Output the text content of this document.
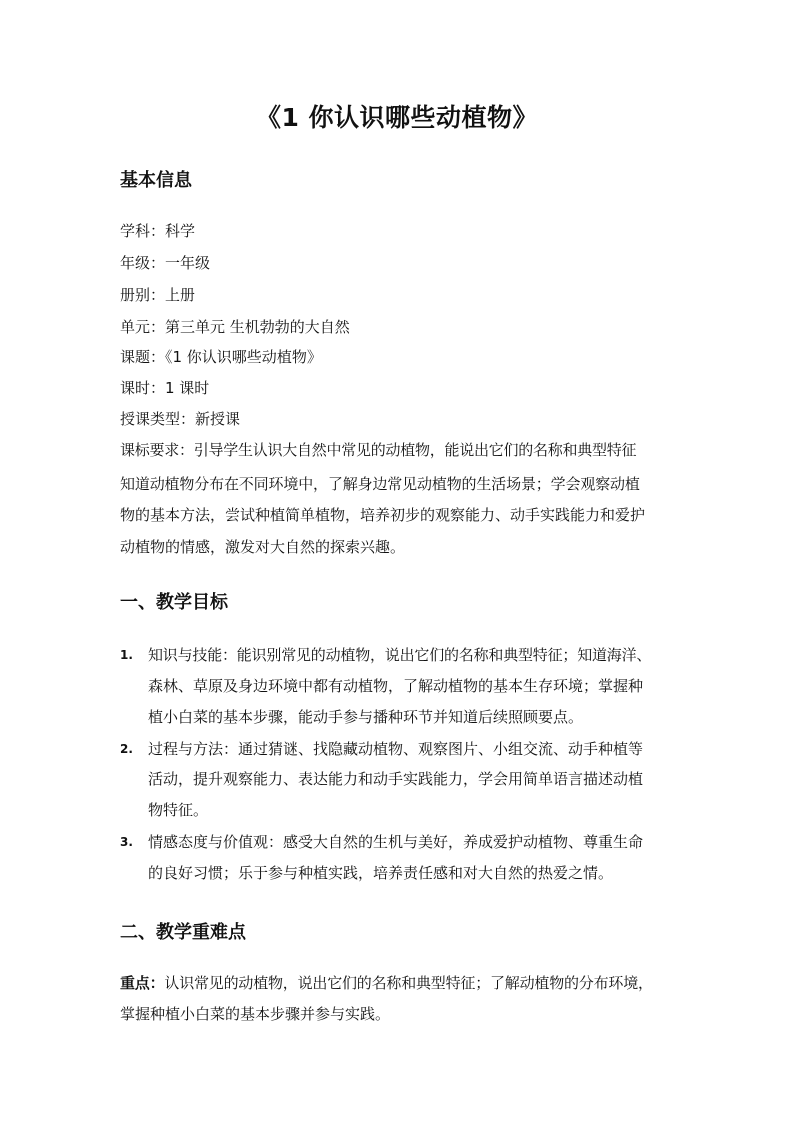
《1 你认识哪些动植物》
基本信息
学科：科学
年级：一年级
册别：上册
单元：第三单元 生机勃勃的大自然
课题：《1 你认识哪些动植物》
课时：1 课时
授课类型：新授课
课标要求：引导学生认识大自然中常见的动植物，能说出它们的名称和典型特征
知道动植物分布在不同环境中，了解身边常见动植物的生活场景；学会观察动植
物的基本方法，尝试种植简单植物，培养初步的观察能力、动手实践能力和爱护
动植物的情感，激发对大自然的探索兴趣。
一、教学目标
1. 知识与技能：能识别常见的动植物，说出它们的名称和典型特征；知道海洋、
森林、草原及身边环境中都有动植物，了解动植物的基本生存环境；掌握种
植小白菜的基本步骤，能动手参与播种环节并知道后续照顾要点。
2. 过程与方法：通过猜谜、找隐藏动植物、观察图片、小组交流、动手种植等
活动，提升观察能力、表达能力和动手实践能力，学会用简单语言描述动植
物特征。
3. 情感态度与价值观：感受大自然的生机与美好，养成爱护动植物、尊重生命
的良好习惯；乐于参与种植实践，培养责任感和对大自然的热爱之情。
二、教学重难点
重点：认识常见的动植物，说出它们的名称和典型特征；了解动植物的分布环境，
掌握种植小白菜的基本步骤并参与实践。
